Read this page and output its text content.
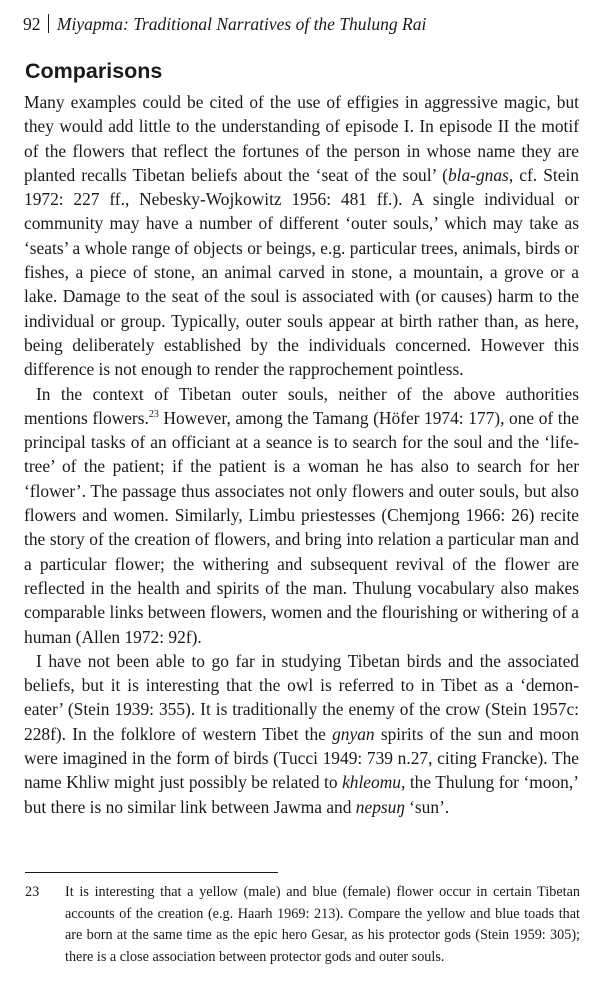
92 Miyapma: Traditional Narratives of the Thulung Rai
Comparisons

Many examples could be cited of the use of effigies in aggressive magic, but they would add little to the understanding of episode I. In episode II the motif of the flowers that reflect the fortunes of the person in whose name they are planted recalls Tibetan beliefs about the ‘seat of the soul’ (bla-gnas, cf. Stein 1972: 227 ff., Nebesky-Wojkowitz 1956: 481 ff.). A single individual or community may have a number of different ‘outer souls,’ which may take as ‘seats’ a whole range of objects or beings, e.g. particular trees, animals, birds or fishes, a piece of stone, an animal carved in stone, a mountain, a grove or a lake. Damage to the seat of the soul is associated with (or causes) harm to the individual or group. Typically, outer souls appear at birth rather than, as here, being deliberately established by the individuals concerned. However this difference is not enough to render the rapprochement pointless.

In the context of Tibetan outer souls, neither of the above authorities mentions flowers.$^{23}$ However, among the Tamang (Höfer 1974: 177), one of the principal tasks of an officiant at a seance is to search for the soul and the ‘life-tree’ of the patient; if the patient is a woman he has also to search for her ‘flower’. The passage thus associates not only flowers and outer souls, but also flowers and women. Similarly, Limbu priestesses (Chemjong 1966: 26) recite the story of the creation of flowers, and bring into relation a particular man and a particular flower; the withering and subsequent revival of the flower are reflected in the health and spirits of the man. Thulung vocabulary also makes comparable links between flowers, women and the flourishing or withering of a human (Allen 1972: 92f).

I have not been able to go far in studying Tibetan birds and the associated beliefs, but it is interesting that the owl is referred to in Tibet as a ‘demon-eater’ (Stein 1939: 355). It is traditionally the enemy of the crow (Stein 1957c: 228f). In the folklore of western Tibet the gnyan spirits of the sun and moon were imagined in the form of birds (Tucci 1949: 739 n.27, citing Francke). The name Khliw might just possibly be related to khleomu, the Thulung for ‘moon,’ but there is no similar link between Jawma and nepsuŋ ‘sun’.

23 It is interesting that a yellow (male) and blue (female) flower occur in certain Tibetan accounts of the creation (e.g. Haarh 1969: 213). Compare the yellow and blue toads that are born at the same time as the epic hero Gesar, as his protector gods (Stein 1959: 305); there is a close association between protector gods and outer souls.
